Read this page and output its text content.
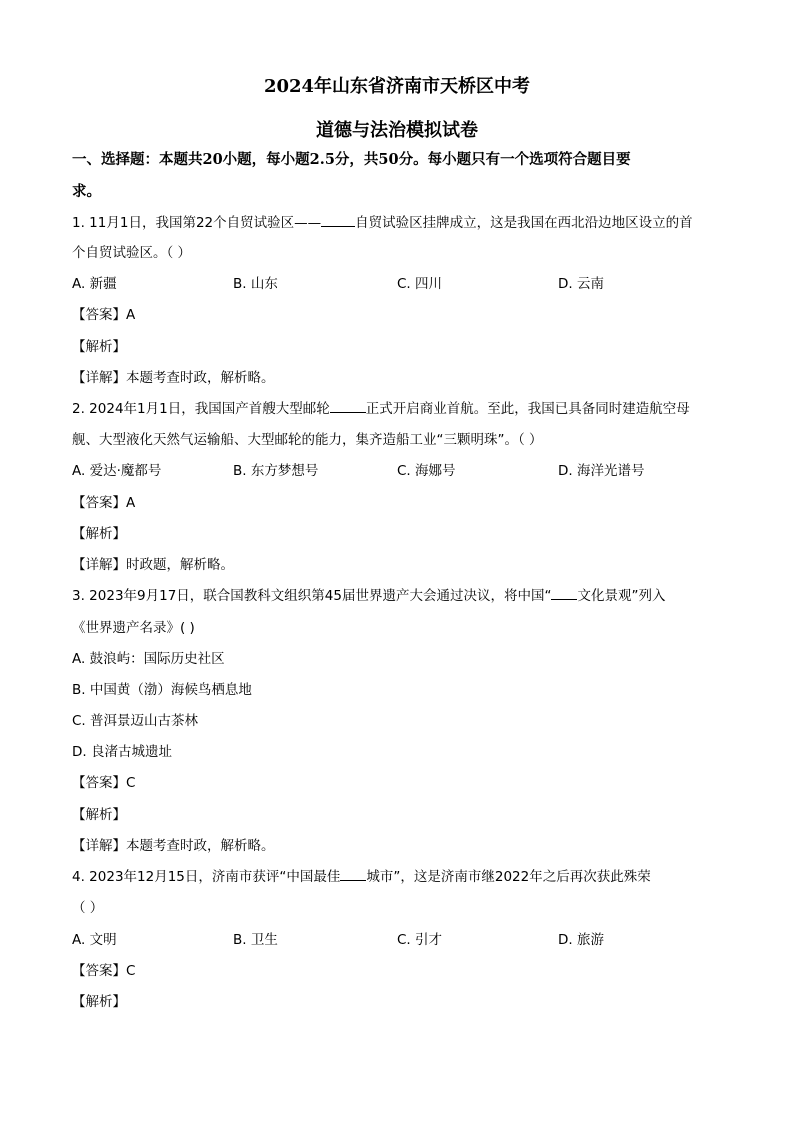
2024年山东省济南市天桥区中考
道德与法治模拟试卷
一、选择题：本题共20小题，每小题2.5分，共50分。每小题只有一个选项符合题目要
求。
1. 11月1日，我国第22个自贸试验区——	自贸试验区挂牌成立，这是我国在西北沿边地区设立的首
个自贸试验区。（ ）
A. 新疆	B. 山东	C. 四川	D. 云南
【答案】A
【解析】
【详解】本题考查时政，解析略。
2. 2024年1月1日，我国国产首艘大型邮轮	正式开启商业首航。至此，我国已具备同时建造航空母
舰、大型液化天然气运输船、大型邮轮的能力，集齐造船工业“三颗明珠”。（ ）
A. 爱达·魔都号	B. 东方梦想号	C. 海娜号	D. 海洋光谱号
【答案】A
【解析】
【详解】时政题，解析略。
3. 2023年9月17日，联合国教科文组织第45届世界遗产大会通过决议，将中国“ 文化景观”列入
《世界遗产名录》( )
A. 鼓浪屿：国际历史社区
B. 中国黄（渤）海候鸟栖息地
C. 普洱景迈山古茶林
D. 良渚古城遗址
【答案】C
【解析】
【详解】本题考查时政，解析略。
4. 2023年12月15日，济南市获评“中国最佳 城市”，这是济南市继2022年之后再次获此殊荣
（ ）
A. 文明	B. 卫生	C. 引才	D. 旅游
【答案】C
【解析】
